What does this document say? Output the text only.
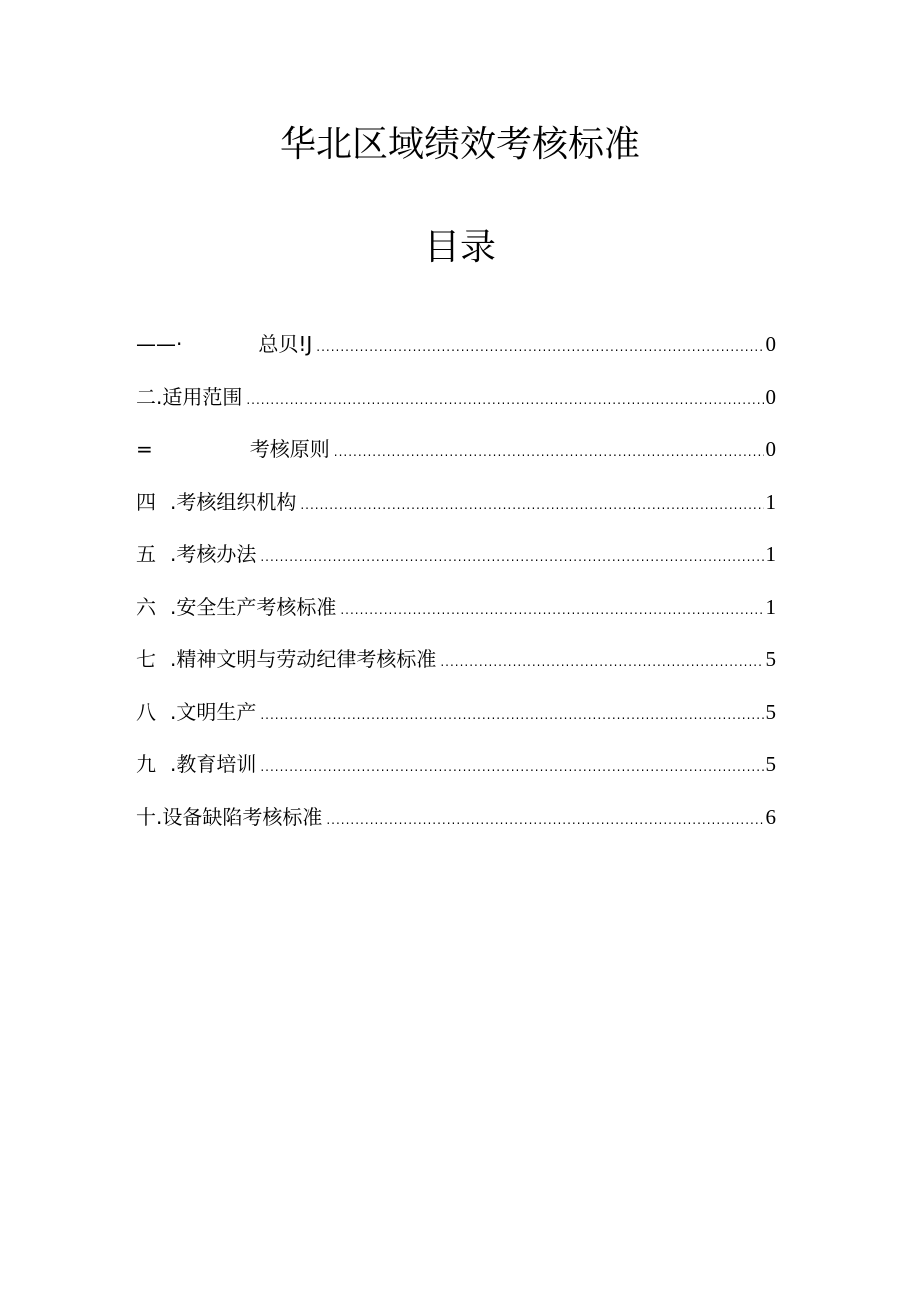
华北区域绩效考核标准
目录
——·	总贝!J .....	0
二. 适用范围 .....	0
=	考核原则 .....	0
四 .考核组织机构 .....	1
五 .考核办法 .....	1
六 .安全生产考核标准 .....	1
七 .精神文明与劳动纪律考核标准 .....	5
八 .文明生产 .....	5
九 .教育培训 .....	5
十. 设备缺陷考核标准 .....	6
